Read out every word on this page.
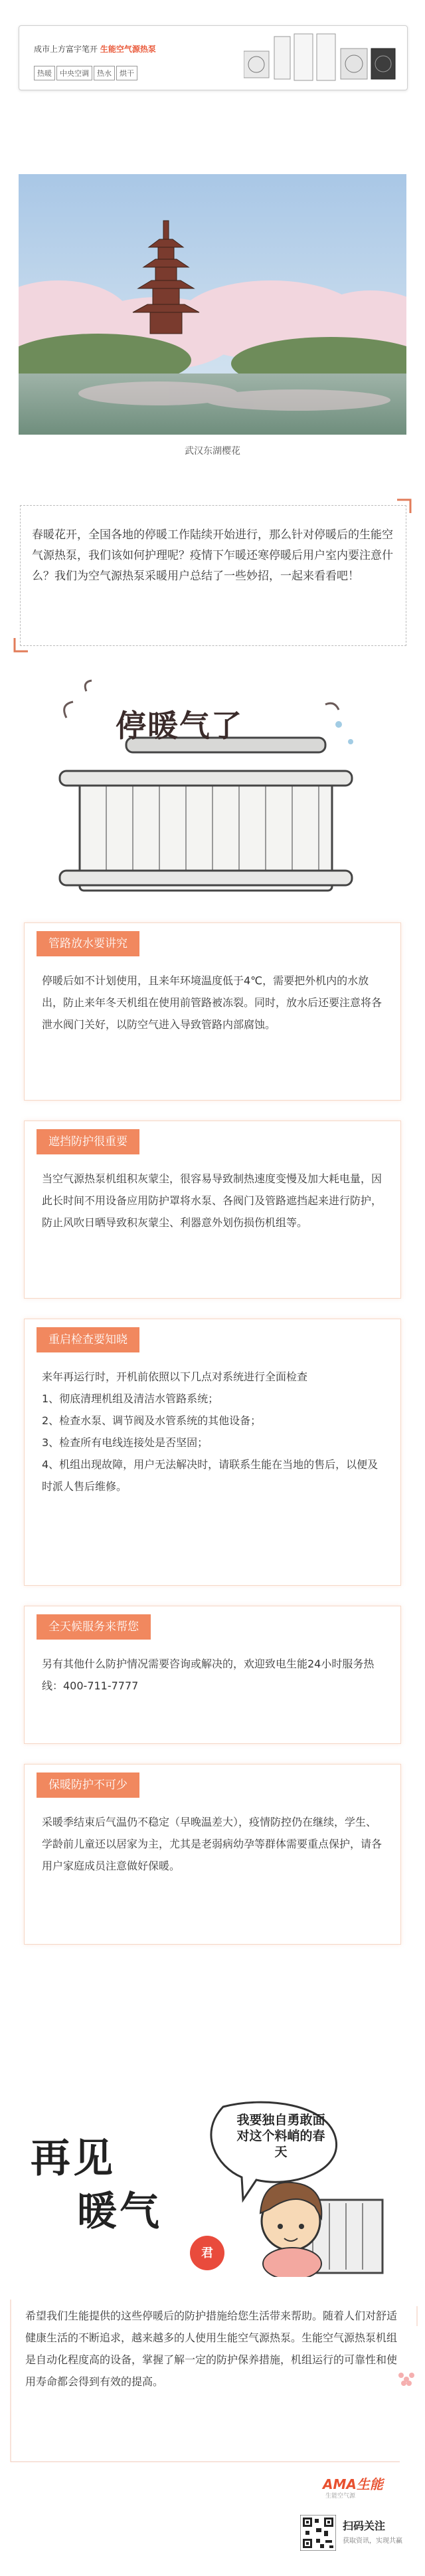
成市上方富宇笔开 生能空气源热泵
热暖	中央空调	热水	烘干
武汉东湖樱花
春暖花开，全国各地的停暖工作陆续开始进行，那么针对停暖后的生能空气源热泵，我们该如何护理呢？疫情下乍暖还寒停暖后用户室内要注意什么？我们为空气源热泵采暖用户总结了一些妙招，一起来看看吧！
停暖气了
管路放水要讲究

停暖后如不计划使用，且来年环境温度低于4℃，需要把外机内的水放出，防止来年冬天机组在使用前管路被冻裂。同时，放水后还要注意将各泄水阀门关好，以防空气进入导致管路内部腐蚀。

遮挡防护很重要

当空气源热泵机组积灰蒙尘，很容易导致制热速度变慢及加大耗电量，因此长时间不用设备应用防护罩将水泵、各阀门及管路遮挡起来进行防护，防止风吹日晒导致积灰蒙尘、利器意外划伤损伤机组等。

重启检查要知晓

来年再运行时，开机前依照以下几点对系统进行全面检查

1、彻底清理机组及清洁水管路系统；

2、检查水泵、调节阀及水管系统的其他设备；

3、检查所有电线连接处是否坚固；

4、机组出现故障，用户无法解决时，请联系生能在当地的售后，以便及时派人售后维修。

全天候服务来帮您

另有其他什么防护情况需要咨询或解决的，欢迎致电生能24小时服务热线：400-711-7777

保暖防护不可少

采暖季结束后气温仍不稳定（早晚温差大），疫情防控仍在继续，学生、学龄前儿童还以居家为主，尤其是老弱病幼孕等群体需要重点保护，请各用户家庭成员注意做好保暖。

再见
暖气
君
我要独自勇敢面对这个料峭的春天
希望我们生能提供的这些停暖后的防护措施给您生活带来帮助。随着人们对舒适健康生活的不断追求，越来越多的人使用生能空气源热泵。生能空气源热泵机组是自动化程度高的设备，掌握了解一定的防护保养措施，机组运行的可靠性和使用寿命都会得到有效的提高。
AMA生能
生能空气源
扫码关注
获取资讯，实现共赢
